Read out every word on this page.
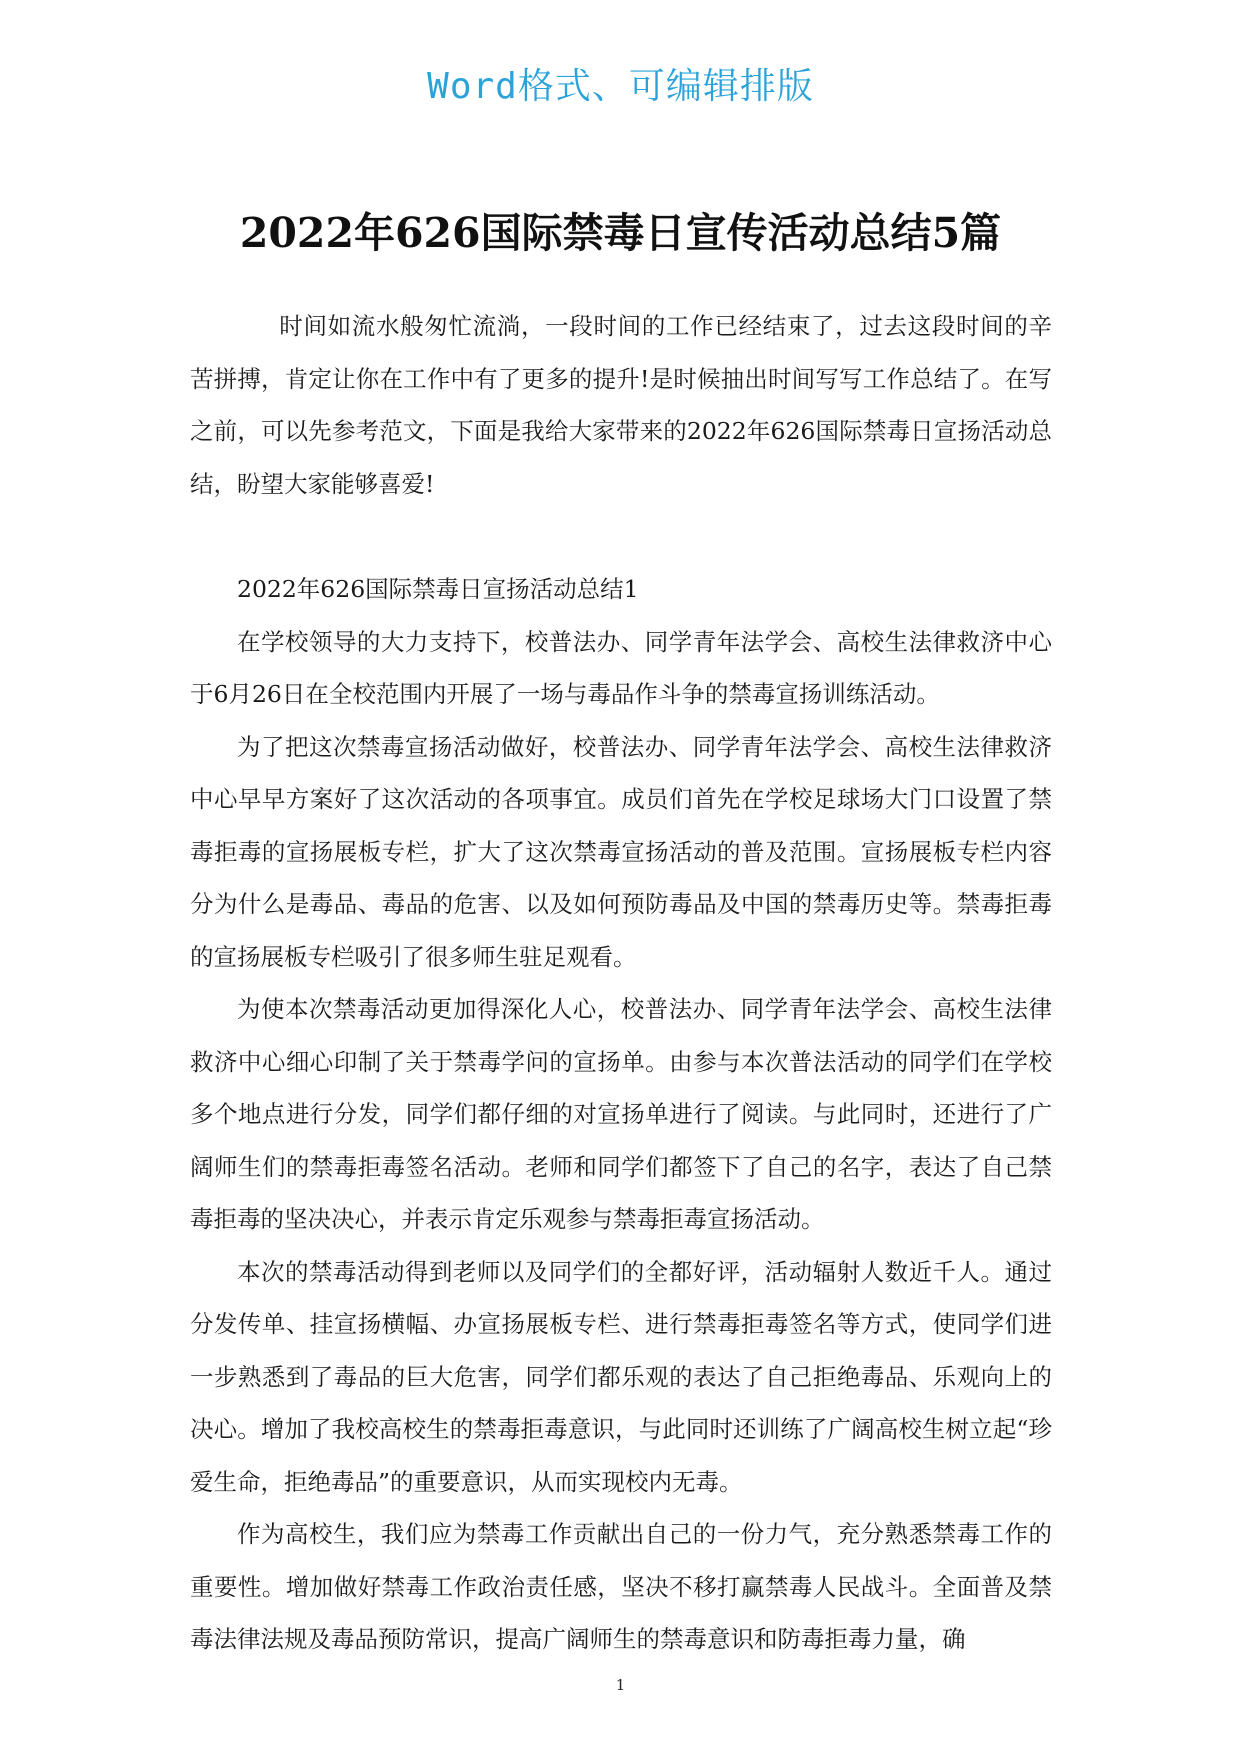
Word格式、可编辑排版
2022年626国际禁毒日宣传活动总结5篇

时间如流水般匆忙流淌，一段时间的工作已经结束了，过去这段时间的辛苦拼搏，肯定让你在工作中有了更多的提升!是时候抽出时间写写工作总结了。在写之前，可以先参考范文，下面是我给大家带来的2022年626国际禁毒日宣扬活动总结，盼望大家能够喜爱!

2022年626国际禁毒日宣扬活动总结1

在学校领导的大力支持下，校普法办、同学青年法学会、高校生法律救济中心于6月26日在全校范围内开展了一场与毒品作斗争的禁毒宣扬训练活动。

为了把这次禁毒宣扬活动做好，校普法办、同学青年法学会、高校生法律救济中心早早方案好了这次活动的各项事宜。成员们首先在学校足球场大门口设置了禁毒拒毒的宣扬展板专栏，扩大了这次禁毒宣扬活动的普及范围。宣扬展板专栏内容分为什么是毒品、毒品的危害、以及如何预防毒品及中国的禁毒历史等。禁毒拒毒的宣扬展板专栏吸引了很多师生驻足观看。

为使本次禁毒活动更加得深化人心，校普法办、同学青年法学会、高校生法律救济中心细心印制了关于禁毒学问的宣扬单。由参与本次普法活动的同学们在学校多个地点进行分发，同学们都仔细的对宣扬单进行了阅读。与此同时，还进行了广阔师生们的禁毒拒毒签名活动。老师和同学们都签下了自己的名字，表达了自己禁毒拒毒的坚决决心，并表示肯定乐观参与禁毒拒毒宣扬活动。

本次的禁毒活动得到老师以及同学们的全都好评，活动辐射人数近千人。通过分发传单、挂宣扬横幅、办宣扬展板专栏、进行禁毒拒毒签名等方式，使同学们进一步熟悉到了毒品的巨大危害，同学们都乐观的表达了自己拒绝毒品、乐观向上的决心。增加了我校高校生的禁毒拒毒意识，与此同时还训练了广阔高校生树立起“珍爱生命，拒绝毒品”的重要意识，从而实现校内无毒。

作为高校生，我们应为禁毒工作贡献出自己的一份力气，充分熟悉禁毒工作的重要性。增加做好禁毒工作政治责任感，坚决不移打赢禁毒人民战斗。全面普及禁毒法律法规及毒品预防常识，提高广阔师生的禁毒意识和防毒拒毒力量，确

1
